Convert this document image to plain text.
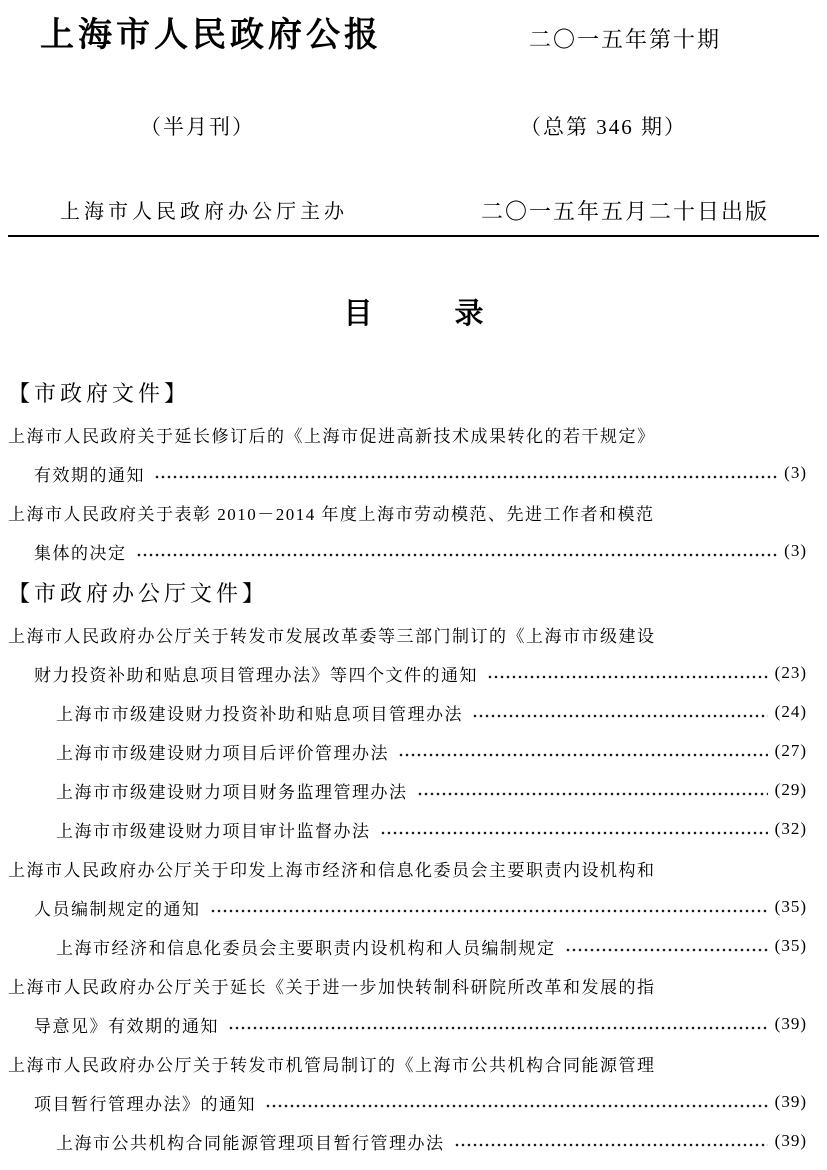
上海市人民政府公报	二〇一五年第十期
（半月刊）	（总第 346 期）
上海市人民政府办公厅主办	二〇一五年五月二十日出版
目	录
【市政府文件】
上海市人民政府关于延长修订后的《上海市促进高新技术成果转化的若干规定》
有效期的通知	(3)
上海市人民政府关于表彰 2010－2014 年度上海市劳动模范、先进工作者和模范
集体的决定	(3)
【市政府办公厅文件】
上海市人民政府办公厅关于转发市发展改革委等三部门制订的《上海市市级建设
财力投资补助和贴息项目管理办法》等四个文件的通知	(23)
上海市市级建设财力投资补助和贴息项目管理办法	(24)
上海市市级建设财力项目后评价管理办法	(27)
上海市市级建设财力项目财务监理管理办法	(29)
上海市市级建设财力项目审计监督办法	(32)
上海市人民政府办公厅关于印发上海市经济和信息化委员会主要职责内设机构和
人员编制规定的通知	(35)
上海市经济和信息化委员会主要职责内设机构和人员编制规定	(35)
上海市人民政府办公厅关于延长《关于进一步加快转制科研院所改革和发展的指
导意见》有效期的通知	(39)
上海市人民政府办公厅关于转发市机管局制订的《上海市公共机构合同能源管理
项目暂行管理办法》的通知	(39)
上海市公共机构合同能源管理项目暂行管理办法	(39)
